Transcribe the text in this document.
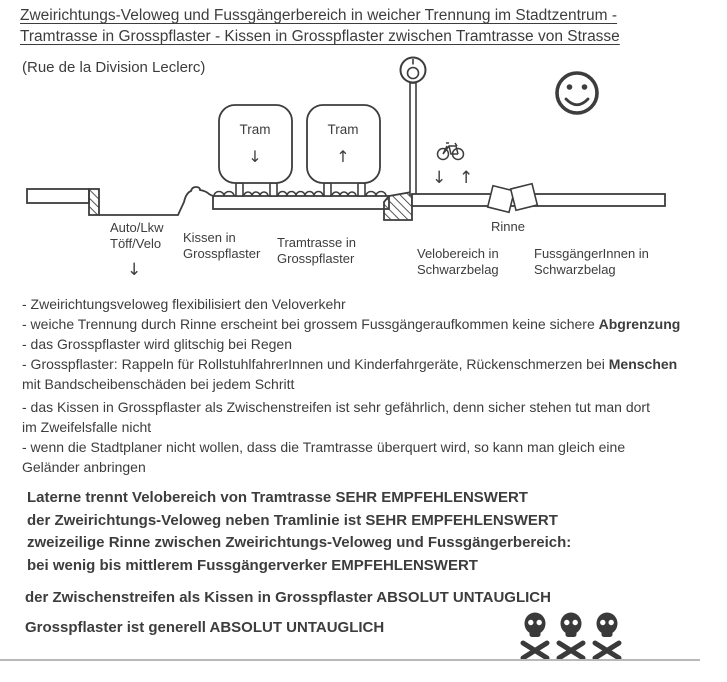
Zweirichtungs-Veloweg und Fussgängerbereich in weicher Trennung im Stadtzentrum -
Tramtrasse in Grosspflaster - Kissen in Grosspflaster zwischen Tramtrasse von Strasse
(Rue de la Division Leclerc)
Tram
↓
Tram
↑
↓ ↑
Auto/Lkw
Töff/Velo
↓
Kissen in
Grosspflaster
Tramtrasse in
Grosspflaster
Rinne
Velobereich in
Schwarzbelag
FussgängerInnen in
Schwarzbelag
- Zweirichtungsveloweg flexibilisiert den Veloverkehr
- weiche Trennung durch Rinne erscheint bei grossem Fussgängeraufkommen keine sichere Abgrenzung
- das Grosspflaster wird glitschig bei Regen
- Grosspflaster: Rappeln für RollstuhlfahrerInnen und Kinderfahrgeräte, Rückenschmerzen bei Menschen
mit Bandscheibenschäden bei jedem Schritt
- das Kissen in Grosspflaster als Zwischenstreifen ist sehr gefährlich, denn sicher stehen tut man dort
im Zweifelsfalle nicht
- wenn die Stadtplaner nicht wollen, dass die Tramtrasse überquert wird, so kann man gleich eine
Geländer anbringen
Laterne trennt Velobereich von Tramtrasse SEHR EMPFEHLENSWERT
der Zweirichtungs-Veloweg neben Tramlinie ist SEHR EMPFEHLENSWERT
zweizeilige Rinne zwischen Zweirichtungs-Veloweg und Fussgängerbereich:
bei wenig bis mittlerem Fussgängerverker EMPFEHLENSWERT
der Zwischenstreifen als Kissen in Grosspflaster ABSOLUT UNTAUGLICH
Grosspflaster ist generell ABSOLUT UNTAUGLICH
